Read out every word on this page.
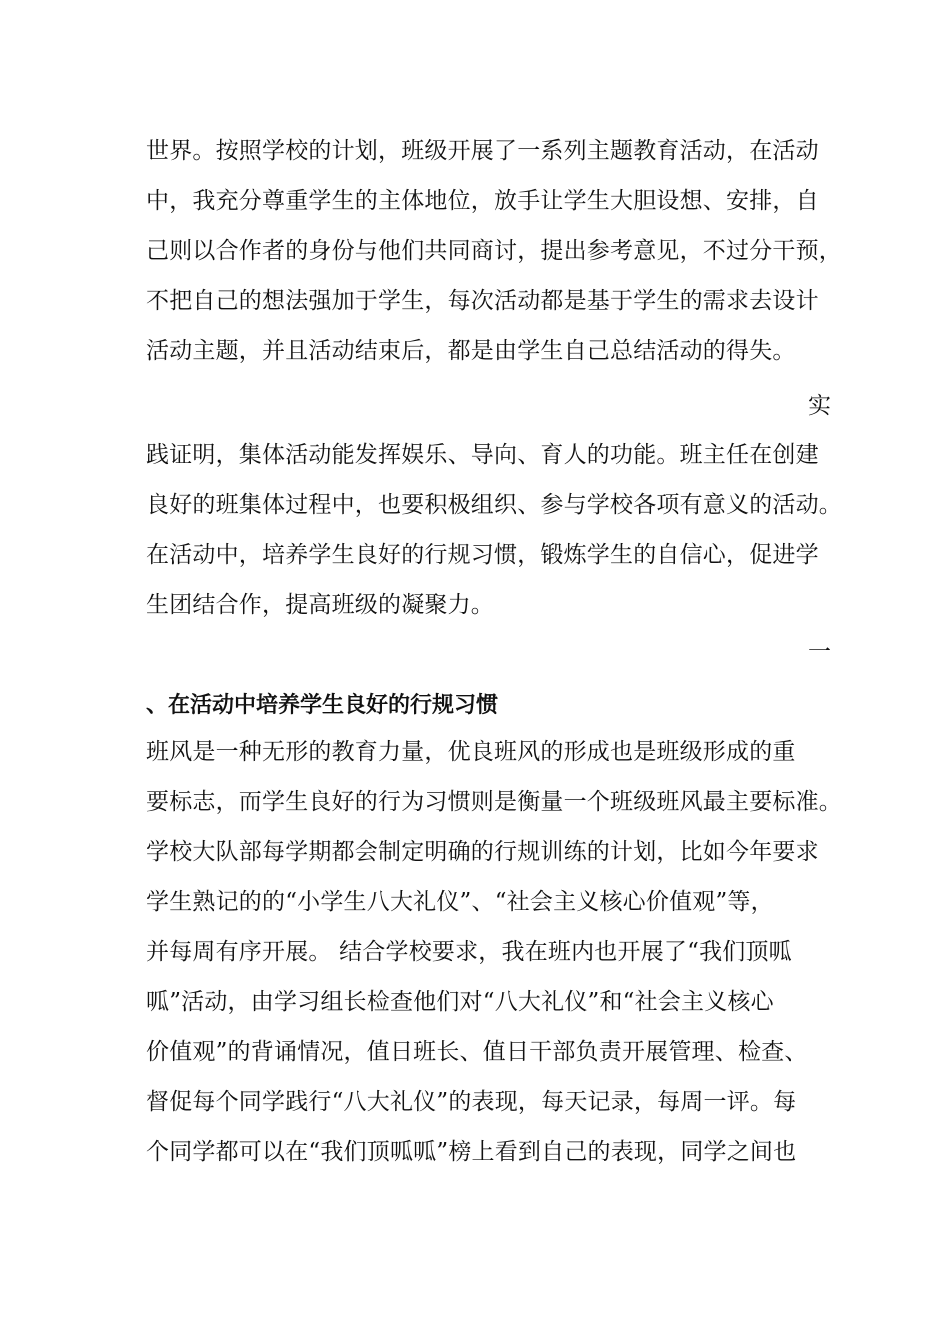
世界。按照学校的计划，班级开展了一系列主题教育活动，在活动
中，我充分尊重学生的主体地位，放手让学生大胆设想、安排，自
己则以合作者的身份与他们共同商讨，提出参考意见，不过分干预，
不把自己的想法强加于学生，每次活动都是基于学生的需求去设计
活动主题，并且活动结束后，都是由学生自己总结活动的得失。
实
践证明，集体活动能发挥娱乐、导向、育人的功能。班主任在创建
良好的班集体过程中，也要积极组织、参与学校各项有意义的活动。
在活动中，培养学生良好的行规习惯，锻炼学生的自信心，促进学
生团结合作，提高班级的凝聚力。
一
、在活动中培养学生良好的行规习惯
班风是一种无形的教育力量，优良班风的形成也是班级形成的重
要标志，而学生良好的行为习惯则是衡量一个班级班风最主要标准。
学校大队部每学期都会制定明确的行规训练的计划，比如今年要求
学生熟记的的“小学生八大礼仪”、“社会主义核心价值观”等，
并每周有序开展。 结合学校要求，我在班内也开展了“我们顶呱
呱”活动，由学习组长检查他们对“八大礼仪”和“社会主义核心
价值观”的背诵情况，值日班长、值日干部负责开展管理、检查、
督促每个同学践行“八大礼仪”的表现，每天记录，每周一评。每
个同学都可以在“我们顶呱呱”榜上看到自己的表现，同学之间也
